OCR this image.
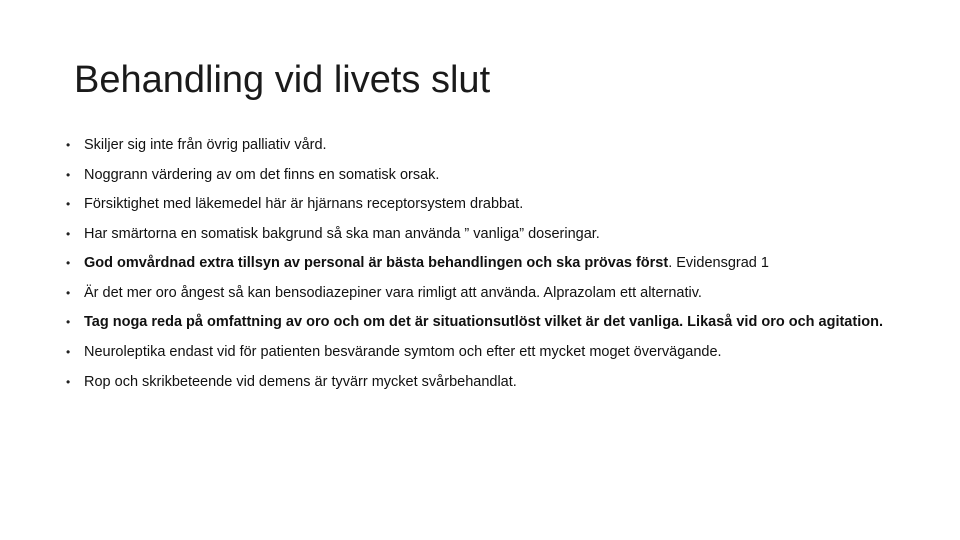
Behandling vid livets slut
• Skiljer sig inte från övrig palliativ vård.
• Noggrann värdering av om det finns en somatisk orsak.
• Försiktighet med läkemedel här är hjärnans receptorsystem drabbat.
• Har smärtorna en somatisk bakgrund så ska man använda ” vanliga” doseringar.
• God omvårdnad extra tillsyn av personal är bästa behandlingen och ska prövas först. Evidensgrad 1
• Är det mer oro ångest så kan bensodiazepiner vara rimligt att använda. Alprazolam ett alternativ.
• Tag noga reda på omfattning av oro och om det är situationsutlöst vilket är det vanliga. Likaså vid oro och agitation.
• Neuroleptika endast vid för patienten besvärande symtom och efter ett mycket moget övervägande.
• Rop och skrikbeteende vid demens är tyvärr mycket svårbehandlat.
